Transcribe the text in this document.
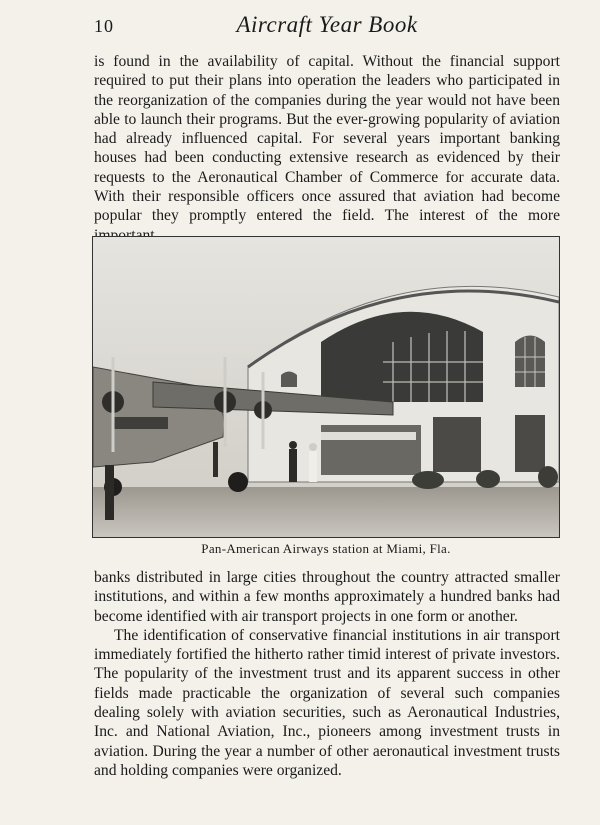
10	Aircraft Year Book

is found in the availability of capital. Without the financial support required to put their plans into operation the leaders who participated in the reorganization of the companies during the year would not have been able to launch their programs. But the ever-growing popularity of aviation had already influenced capital. For several years important banking houses had been conducting extensive research as evidenced by their requests to the Aeronautical Chamber of Commerce for accurate data. With their responsible officers once assured that aviation had become popular they promptly entered the field. The interest of the more

Pan-American Airways station at Miami, Fla.

banks distributed in large cities throughout the country attracted smaller institutions, and within a few months approximately a hundred banks had become identified with air transport projects in one form or another.

The identification of conservative financial institutions in air transport immediately fortified the hitherto rather timid interest of private investors. The popularity of the investment trust and its apparent success in other fields made practicable the organization of several such companies dealing solely with aviation securities, such as Aeronautical Industries, Inc. and National Aviation, Inc., pioneers among investment trusts in aviation. During the year a number of other aeronautical investment trusts and holding companies were organized.
